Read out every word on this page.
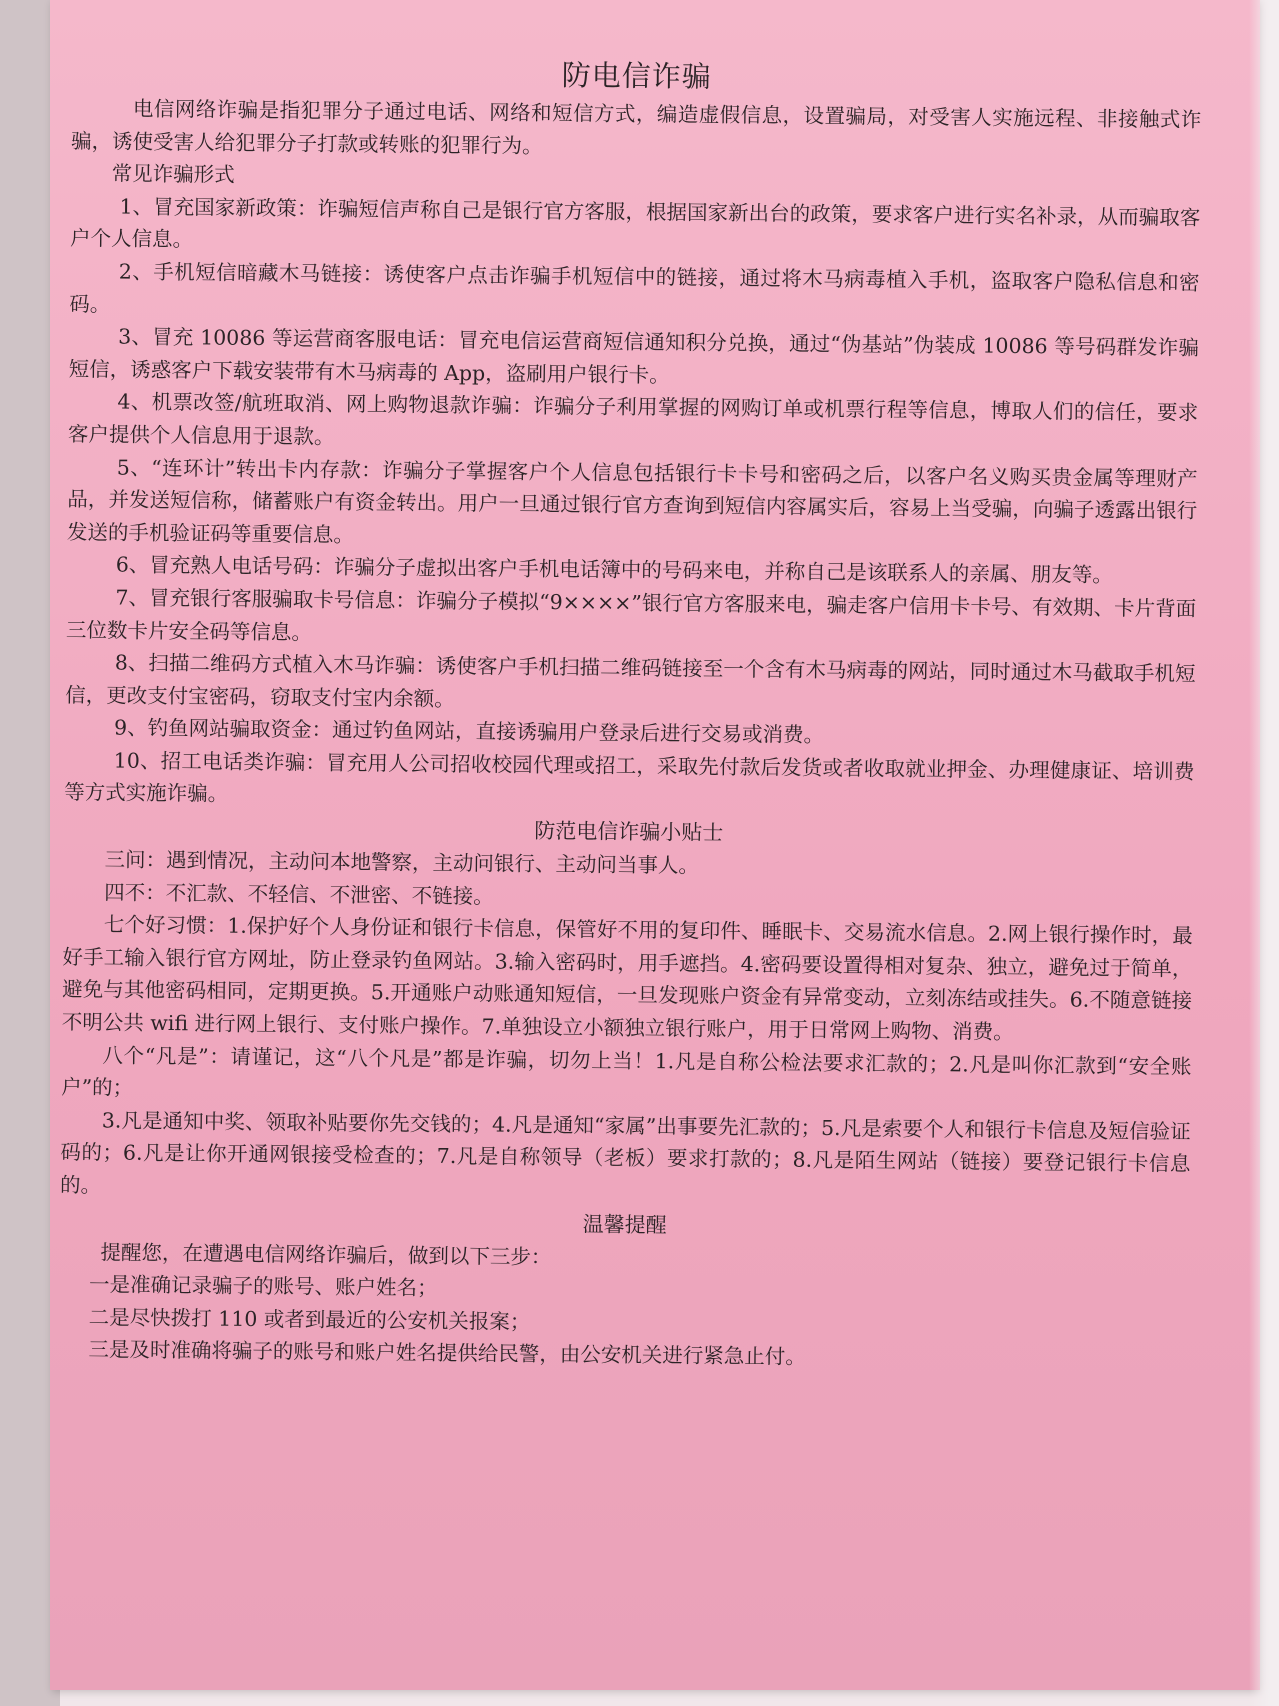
防电信诈骗

电信网络诈骗是指犯罪分子通过电话、网络和短信方式，编造虚假信息，设置骗局，对受害人实施远程、非接触式诈骗，诱使受害人给犯罪分子打款或转账的犯罪行为。

常见诈骗形式

1、冒充国家新政策：诈骗短信声称自己是银行官方客服，根据国家新出台的政策，要求客户进行实名补录，从而骗取客户个人信息。

2、手机短信暗藏木马链接：诱使客户点击诈骗手机短信中的链接，通过将木马病毒植入手机，盗取客户隐私信息和密码。

3、冒充 10086 等运营商客服电话：冒充电信运营商短信通知积分兑换，通过“伪基站”伪装成 10086 等号码群发诈骗短信，诱惑客户下载安装带有木马病毒的 App，盗刷用户银行卡。

4、机票改签/航班取消、网上购物退款诈骗：诈骗分子利用掌握的网购订单或机票行程等信息，博取人们的信任，要求客户提供个人信息用于退款。

5、“连环计”转出卡内存款：诈骗分子掌握客户个人信息包括银行卡卡号和密码之后，以客户名义购买贵金属等理财产品，并发送短信称，储蓄账户有资金转出。用户一旦通过银行官方查询到短信内容属实后，容易上当受骗，向骗子透露出银行发送的手机验证码等重要信息。

6、冒充熟人电话号码：诈骗分子虚拟出客户手机电话簿中的号码来电，并称自己是该联系人的亲属、朋友等。

7、冒充银行客服骗取卡号信息：诈骗分子模拟“9××××”银行官方客服来电，骗走客户信用卡卡号、有效期、卡片背面三位数卡片安全码等信息。

8、扫描二维码方式植入木马诈骗：诱使客户手机扫描二维码链接至一个含有木马病毒的网站，同时通过木马截取手机短信，更改支付宝密码，窃取支付宝内余额。

9、钓鱼网站骗取资金：通过钓鱼网站，直接诱骗用户登录后进行交易或消费。

10、招工电话类诈骗：冒充用人公司招收校园代理或招工，采取先付款后发货或者收取就业押金、办理健康证、培训费等方式实施诈骗。

防范电信诈骗小贴士

三问：遇到情况，主动问本地警察，主动问银行、主动问当事人。

四不：不汇款、不轻信、不泄密、不链接。

七个好习惯：1.保护好个人身份证和银行卡信息，保管好不用的复印件、睡眠卡、交易流水信息。2.网上银行操作时，最好手工输入银行官方网址，防止登录钓鱼网站。3.输入密码时，用手遮挡。4.密码要设置得相对复杂、独立，避免过于简单，避免与其他密码相同，定期更换。5.开通账户动账通知短信，一旦发现账户资金有异常变动，立刻冻结或挂失。6.不随意链接不明公共 wifi 进行网上银行、支付账户操作。7.单独设立小额独立银行账户，用于日常网上购物、消费。

八个“凡是”：请谨记，这“八个凡是”都是诈骗，切勿上当！1.凡是自称公检法要求汇款的；2.凡是叫你汇款到“安全账户”的；

3.凡是通知中奖、领取补贴要你先交钱的；4.凡是通知“家属”出事要先汇款的；5.凡是索要个人和银行卡信息及短信验证码的；6.凡是让你开通网银接受检查的；7.凡是自称领导（老板）要求打款的；8.凡是陌生网站（链接）要登记银行卡信息的。

温馨提醒

提醒您，在遭遇电信网络诈骗后，做到以下三步：

一是准确记录骗子的账号、账户姓名；

二是尽快拨打 110 或者到最近的公安机关报案；

三是及时准确将骗子的账号和账户姓名提供给民警，由公安机关进行紧急止付。
